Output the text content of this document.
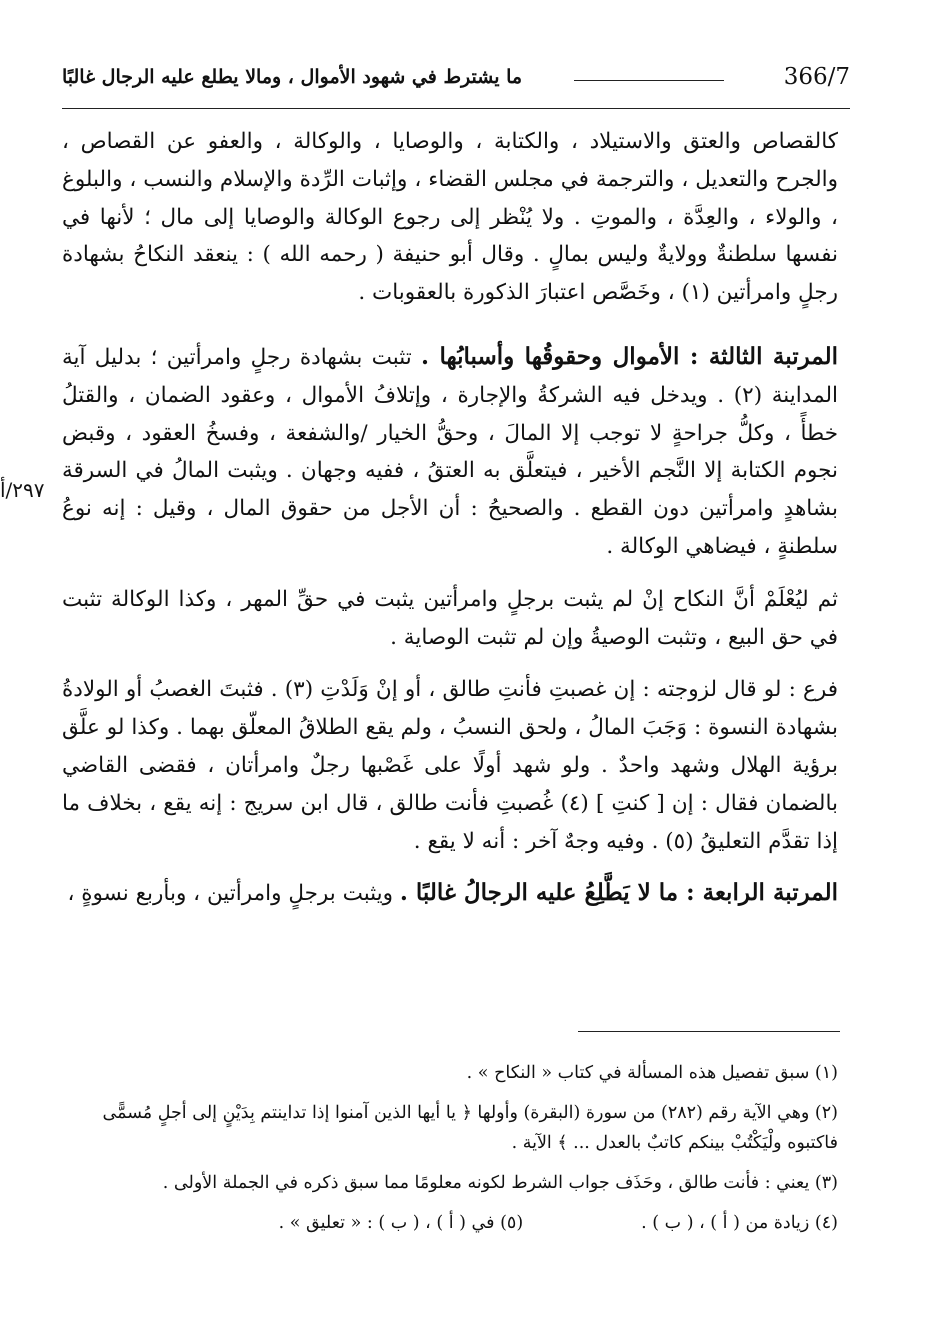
ما يشترط في شهود الأموال ، ومالا يطلع عليه الرجال غالبًا	366/7
٢٩٧/أ

كالقصاص والعتق والاستيلاد ، والكتابة ، والوصايا ، والوكالة ، والعفو عن القصاص ، والجرح والتعديل ، والترجمة في مجلس القضاء ، وإثبات الرِّدة والإسلام والنسب ، والبلوغ ، والولاء ، والعِدَّة ، والموتِ . ولا يُنْظر إلى رجوع الوكالة والوصايا إلى مال ؛ لأنها في نفسها سلطنةٌ وولايةٌ وليس بمالٍ . وقال أبو حنيفة ( رحمه الله ) : ينعقد النكاحُ بشهادة رجلٍ وامرأتين (١) ، وخَصَّص اعتبارَ الذكورة بالعقوبات .

المرتبة الثالثة : الأموال وحقوقُها وأسبابُها . تثبت بشهادة رجلٍ وامرأتين ؛ بدليل آية المداينة (٢) . ويدخل فيه الشركةُ والإجارة ، وإتلافُ الأموال ، وعقود الضمان ، والقتلُ خطأً ، وكلُّ جراحةٍ لا توجب إلا المالَ ، وحقُّ الخيار /والشفعة ، وفسخُ العقود ، وقبض نجوم الكتابة إلا النَّجم الأخير ، فيتعلَّق به العتقُ ، ففيه وجهان . ويثبت المالُ في السرقة بشاهدٍ وامرأتين دون القطع . والصحيحُ : أن الأجل من حقوق المال ، وقيل : إنه نوعُ سلطنةٍ ، فيضاهي الوكالة .

ثم ليُعْلَمْ أنَّ النكاح إنْ لم يثبت برجلٍ وامرأتين يثبت في حقِّ المهر ، وكذا الوكالة تثبت في حق البيع ، وتثبت الوصيةُ وإن لم تثبت الوصاية .

فرع : لو قال لزوجته : إن غصبتِ فأنتِ طالق ، أو إنْ وَلَدْتِ (٣) . فثبتَ الغصبُ أو الولادةُ بشهادة النسوة : وَجَبَ المالُ ، ولحق النسبُ ، ولم يقع الطلاقُ المعلّق بهما . وكذا لو علَّق برؤية الهلال وشهد واحدٌ . ولو شهد أولًا على غَصْبها رجلٌ وامرأتان ، فقضى القاضي بالضمان فقال : إن [ كنتِ ] (٤) غُصبتِ فأنت طالق ، قال ابن سريج : إنه يقع ، بخلاف ما إذا تقدَّم التعليقُ (٥) . وفيه وجهٌ آخر : أنه لا يقع .

المرتبة الرابعة : ما لا يَطَّلِعُ عليه الرجالُ غالبًا . ويثبت برجلٍ وامرأتين ، وبأربع نسوةٍ ،

(١) سبق تفصيل هذه المسألة في كتاب « النكاح » .

(٢) وهي الآية رقم (٢٨٢) من سورة (البقرة) وأولها ﴿ يا أيها الذين آمنوا إذا تداينتم بِدَيْنٍ إلى أجلٍ مُسمًّى فاكتبوه ولْيَكْتُبْ بينكم كاتبٌ بالعدل ... ﴾ الآية .

(٣) يعني : فأنت طالق ، وحَذَف جواب الشرط لكونه معلومًا مما سبق ذكره في الجملة الأولى .

(٤) زيادة من ( أ ) ، ( ب ) .

(٥) في ( أ ) ، ( ب ) : « تعليق » .
